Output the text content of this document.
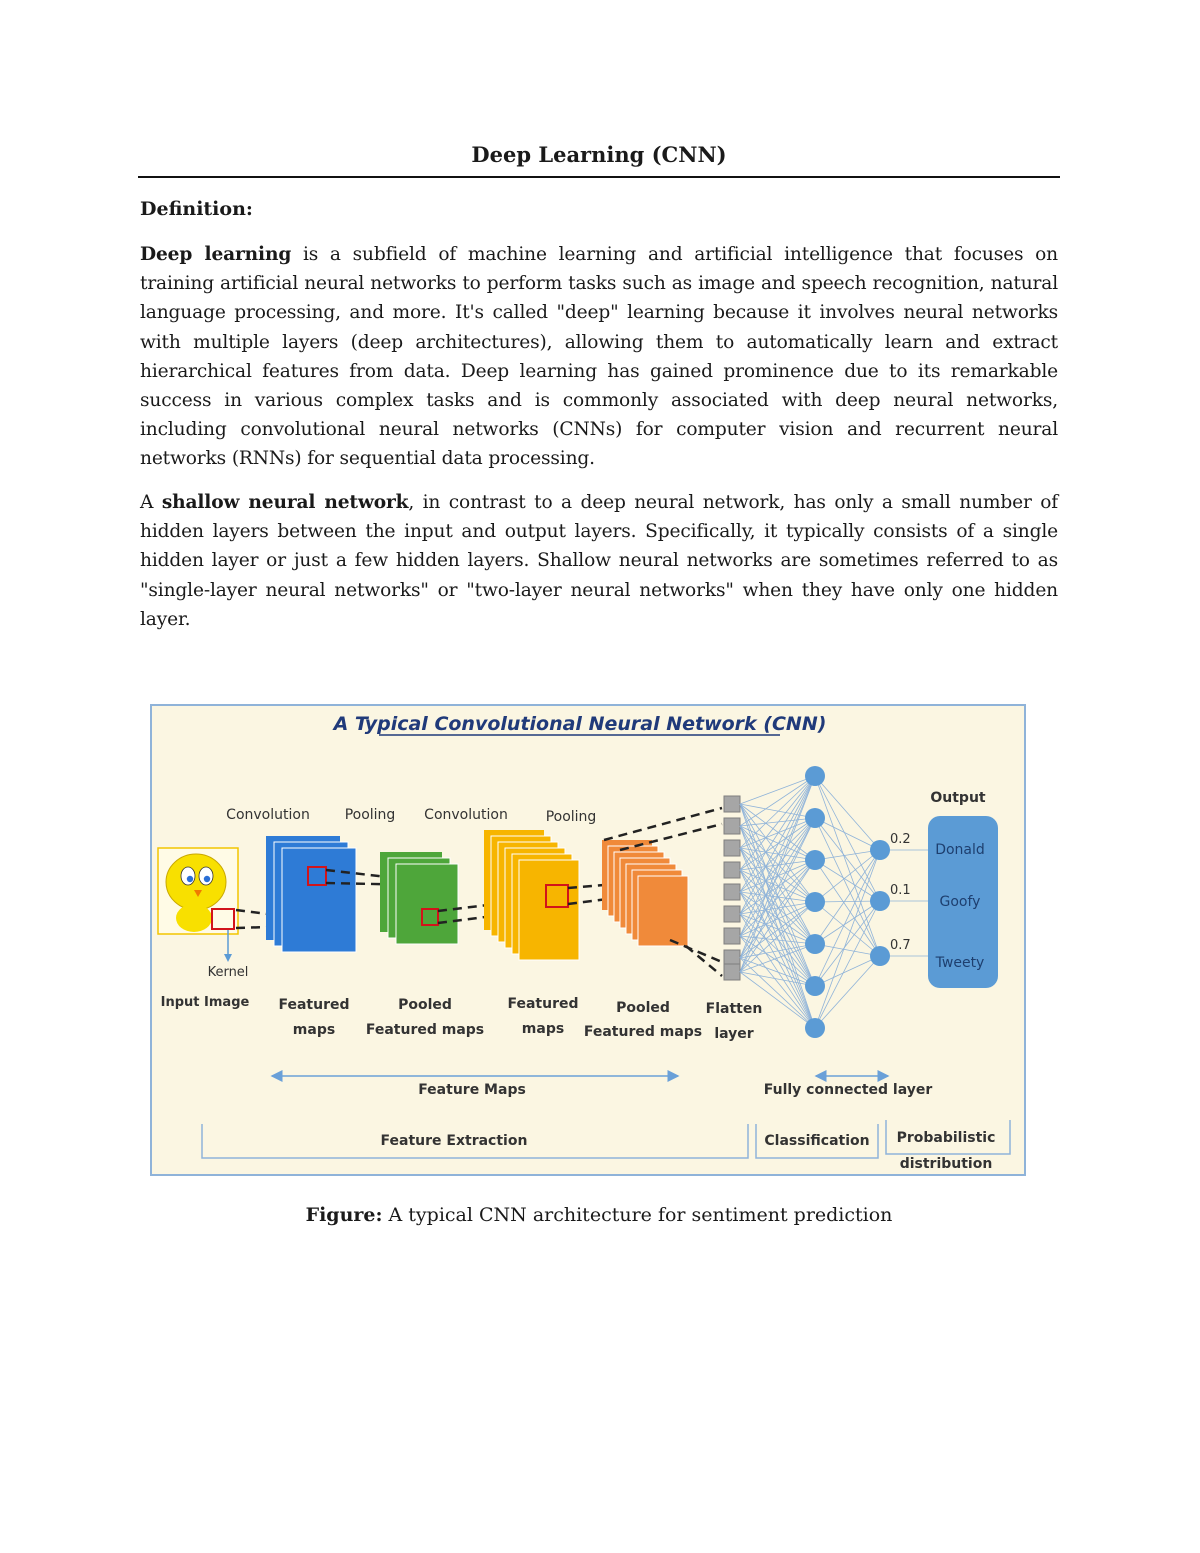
Deep Learning (CNN)

Definition:

Deep learning is a subfield of machine learning and artificial intelligence that focuses on training artificial neural networks to perform tasks such as image and speech recognition, natural language processing, and more. It's called "deep" learning because it involves neural networks with multiple layers (deep architectures), allowing them to automatically learn and extract hierarchical features from data. Deep learning has gained prominence due to its remarkable success in various complex tasks and is commonly associated with deep neural networks, including convolutional neural networks (CNNs) for computer vision and recurrent neural networks (RNNs) for sequential data processing.

A shallow neural network, in contrast to a deep neural network, has only a small number of hidden layers between the input and output layers. Specifically, it typically consists of a single hidden layer or just a few hidden layers. Shallow neural networks are sometimes referred to as "single-layer neural networks" or "two-layer neural networks" when they have only one hidden layer.

A Typical Convolutional Neural Network (CNN)
Convolution Pooling Convolution	Pooling
Kernel
Input Image
0.2
0.1
0.7
Output
Donald
Goofy
Tweety
Featured
maps
Pooled
Featured maps
Featured
maps
Pooled
Featured maps
Flatten
layer
Feature Maps	Fully connected layer
Feature Extraction	Classification Probabilistic
distribution

Figure: A typical CNN architecture for sentiment prediction
